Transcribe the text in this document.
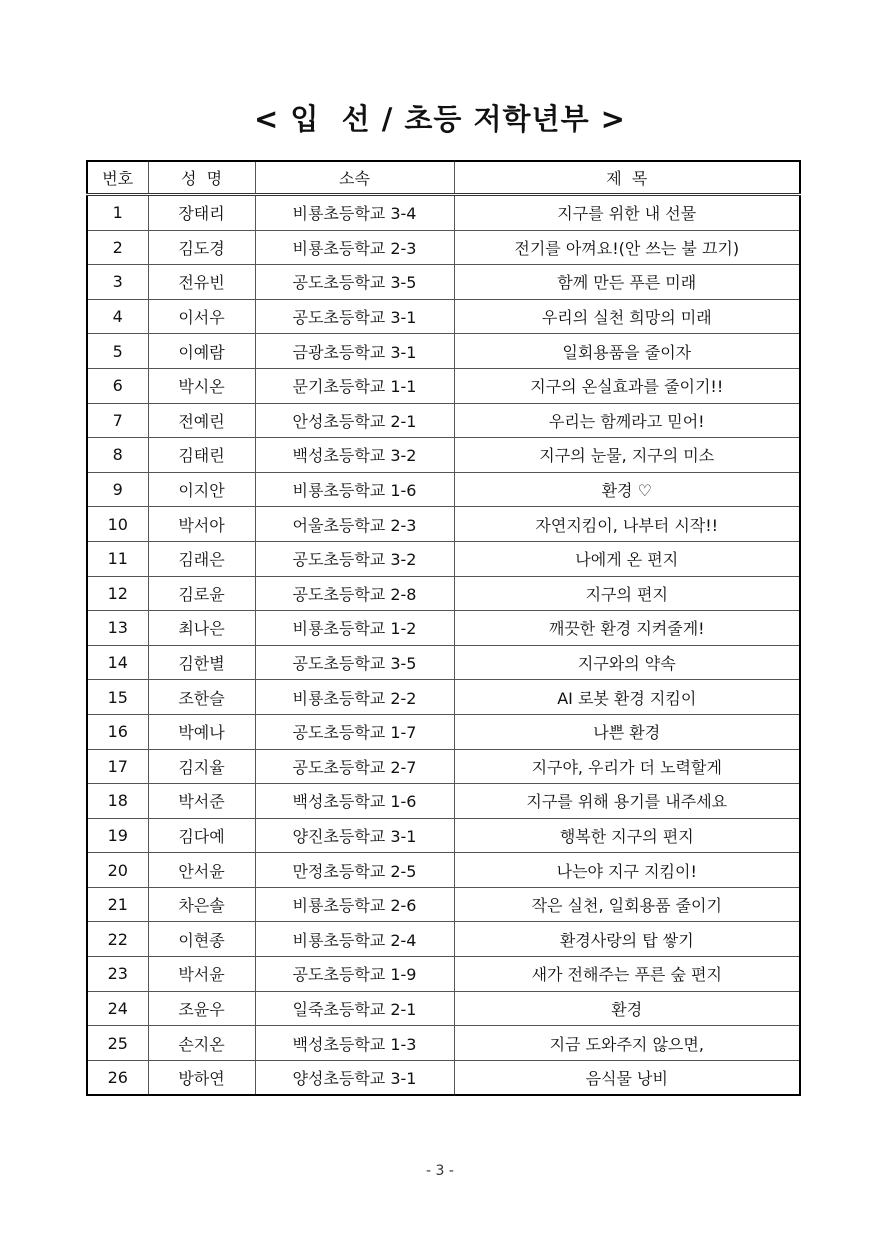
< 입  선 / 초등 저학년부 >
번호	성  명	소속	제  목
1	장태리	비룡초등학교 3-4	지구를 위한 내 선물
2	김도경	비룡초등학교 2-3	전기를 아껴요!(안 쓰는 불 끄기)
3	전유빈	공도초등학교 3-5	함께 만든 푸른 미래
4	이서우	공도초등학교 3-1	우리의 실천 희망의 미래
5	이예람	금광초등학교 3-1	일회용품을 줄이자
6	박시온	문기초등학교 1-1	지구의 온실효과를 줄이기!!
7	전예린	안성초등학교 2-1	우리는 함께라고 믿어!
8	김태린	백성초등학교 3-2	지구의 눈물, 지구의 미소
9	이지안	비룡초등학교 1-6	환경 ♡
10	박서아	어울초등학교 2-3	자연지킴이, 나부터 시작!!
11	김래은	공도초등학교 3-2	나에게 온 편지
12	김로윤	공도초등학교 2-8	지구의 편지
13	최나은	비룡초등학교 1-2	깨끗한 환경 지켜줄게!
14	김한별	공도초등학교 3-5	지구와의 약속
15	조한슬	비룡초등학교 2-2	AI 로봇 환경 지킴이
16	박예나	공도초등학교 1-7	나쁜 환경
17	김지율	공도초등학교 2-7	지구야, 우리가 더 노력할게
18	박서준	백성초등학교 1-6	지구를 위해 용기를 내주세요
19	김다예	양진초등학교 3-1	행복한 지구의 편지
20	안서윤	만정초등학교 2-5	나는야 지구 지킴이!
21	차은솔	비룡초등학교 2-6	작은 실천, 일회용품 줄이기
22	이현종	비룡초등학교 2-4	환경사랑의 탑 쌓기
23	박서윤	공도초등학교 1-9	새가 전해주는 푸른 숲 편지
24	조윤우	일죽초등학교 2-1	환경
25	손지온	백성초등학교 1-3	지금 도와주지 않으면,
26	방하연	양성초등학교 3-1	음식물 낭비
- 3 -
